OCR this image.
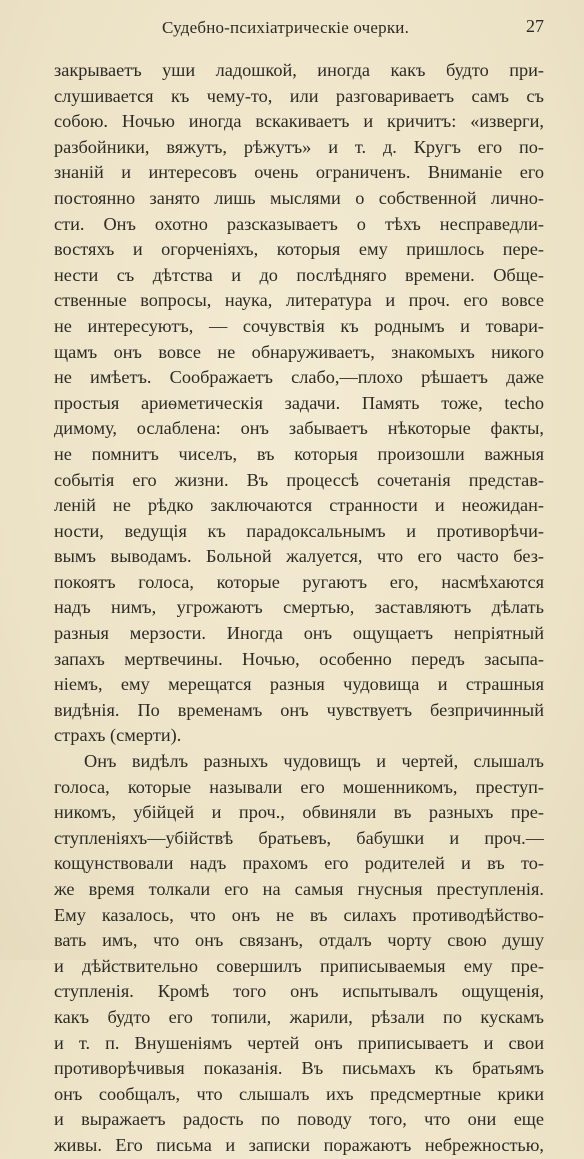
Судебно-психіатрическіе очерки.	27
закрываетъ уши ладошкой, иногда какъ будто при-
слушивается къ чему-то, или разговариваетъ самъ съ
собою. Ночью иногда вскакиваетъ и кричитъ: «изверги,
разбойники, вяжутъ, рѣжутъ» и т. д. Кругъ его по-
знаній и интересовъ очень ограниченъ. Вниманіе его
постоянно занято лишь мыслями о собственной лично-
сти. Онъ охотно разсказываетъ о тѣхъ несправедли-
востяхъ и огорченіяхъ, которыя ему пришлось пере-
нести съ дѣтства и до послѣдняго времени. Обще-
ственные вопросы, наука, литература и проч. его вовсе
не интересуютъ, — сочувствія къ роднымъ и товари-
щамъ онъ вовсе не обнаруживаетъ, знакомыхъ никого
не имѣетъ. Соображаетъ слабо,—плохо рѣшаетъ даже
простыя ариѳметическія задачи. Память тоже, techo
димому, ослаблена: онъ забываетъ нѣкоторые факты,
не помнитъ чиселъ, въ которыя произошли важныя
событія его жизни. Въ процессѣ сочетанія представ-
леній не рѣдко заключаются странности и неожидан-
ности, ведущія къ парадоксальнымъ и противорѣчи-
вымъ выводамъ. Больной жалуется, что его часто без-
покоятъ голоса, которые ругаютъ его, насмѣхаются
надъ нимъ, угрожаютъ смертью, заставляютъ дѣлать
разныя мерзости. Иногда онъ ощущаетъ непріятный
запахъ мертвечины. Ночью, особенно передъ засыпа-
ніемъ, ему мерещатся разныя чудовища и страшныя
видѣнія. По временамъ онъ чувствуетъ безпричинный
страхъ (смерти).
Онъ видѣлъ разныхъ чудовищъ и чертей, слышалъ
голоса, которые называли его мошенникомъ, преступ-
никомъ, убійцей и проч., обвиняли въ разныхъ пре-
ступленіяхъ—убійствѣ братьевъ, бабушки и проч.—
кощунствовали надъ прахомъ его родителей и въ то-
же время толкали его на самыя гнусныя преступленія.
Ему казалось, что онъ не въ силахъ противодѣйство-
вать имъ, что онъ связанъ, отдалъ чорту свою душу
и дѣйствительно совершилъ приписываемыя ему пре-
ступленія. Кромѣ того онъ испытывалъ ощущенія,
какъ будто его топили, жарили, рѣзали по кускамъ
и т. п. Внушеніямъ чертей онъ приписываетъ и свои
противорѣчивыя показанія. Въ письмахъ къ братьямъ
онъ сообщалъ, что слышалъ ихъ предсмертные крики
и выражаетъ радость по поводу того, что они еще
живы. Его письма и записки поражаютъ небрежностью,
